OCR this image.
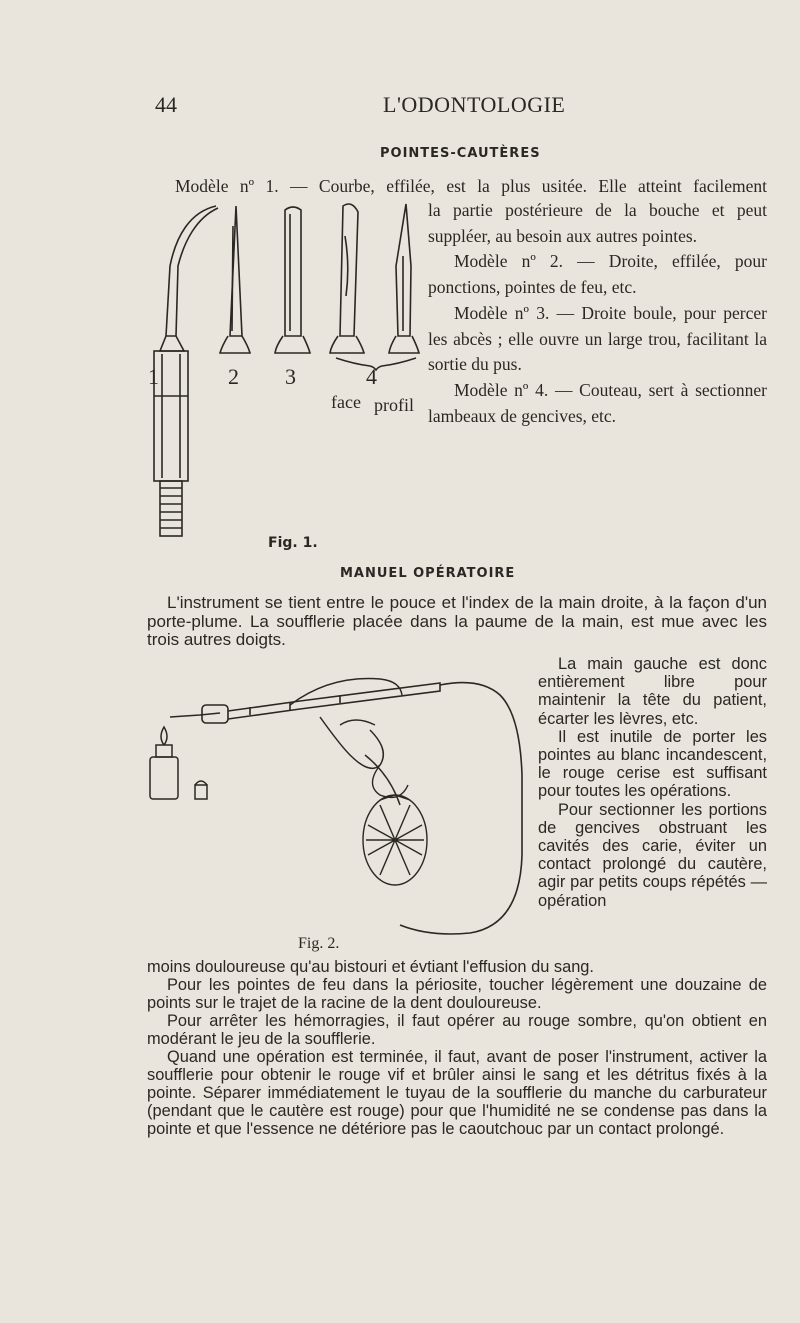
44	L'ODONTOLOGIE
POINTES-CAUTÈRES
Modèle nº 1. — Courbe, effilée, est la plus usitée. Elle atteint facilement

la partie postérieure de la bouche et peut suppléer, au besoin aux autres pointes.

Modèle nº 2. — Droite, effilée, pour ponctions, pointes de feu, etc.

Modèle nº 3. — Droite boule, pour percer les abcès ; elle ouvre un large trou, facilitant la sortie du pus.

Modèle nº 4. — Couteau, sert à sectionner lambeaux de gencives, etc.

1	2 3	4
face profil
Fig. 1.
MANUEL OPÉRATOIRE

L'instrument se tient entre le pouce et l'index de la main droite, à la façon d'un porte-plume. La soufflerie placée dans la paume de la main, est mue avec les trois autres doigts.

Fig. 2.

La main gauche est donc entièrement libre pour maintenir la tête du patient, écarter les lèvres, etc.

Il est inutile de porter les pointes au blanc incandescent, le rouge cerise est suffisant pour toutes les opérations.

Pour sectionner les portions de gencives obstruant les cavités des carie, éviter un contact prolongé du cautère, agir par petits coups répétés — opération

moins douloureuse qu'au bistouri et évtiant l'effusion du sang.

Pour les pointes de feu dans la périosite, toucher légèrement une douzaine de points sur le trajet de la racine de la dent douloureuse.

Pour arrêter les hémorragies, il faut opérer au rouge sombre, qu'on obtient en modérant le jeu de la soufflerie.

Quand une opération est terminée, il faut, avant de poser l'instrument, activer la soufflerie pour obtenir le rouge vif et brûler ainsi le sang et les détritus fixés à la pointe. Séparer immédiatement le tuyau de la soufflerie du manche du carburateur (pendant que le cautère est rouge) pour que l'humidité ne se condense pas dans la pointe et que l'essence ne détériore pas le caoutchouc par un contact prolongé.
